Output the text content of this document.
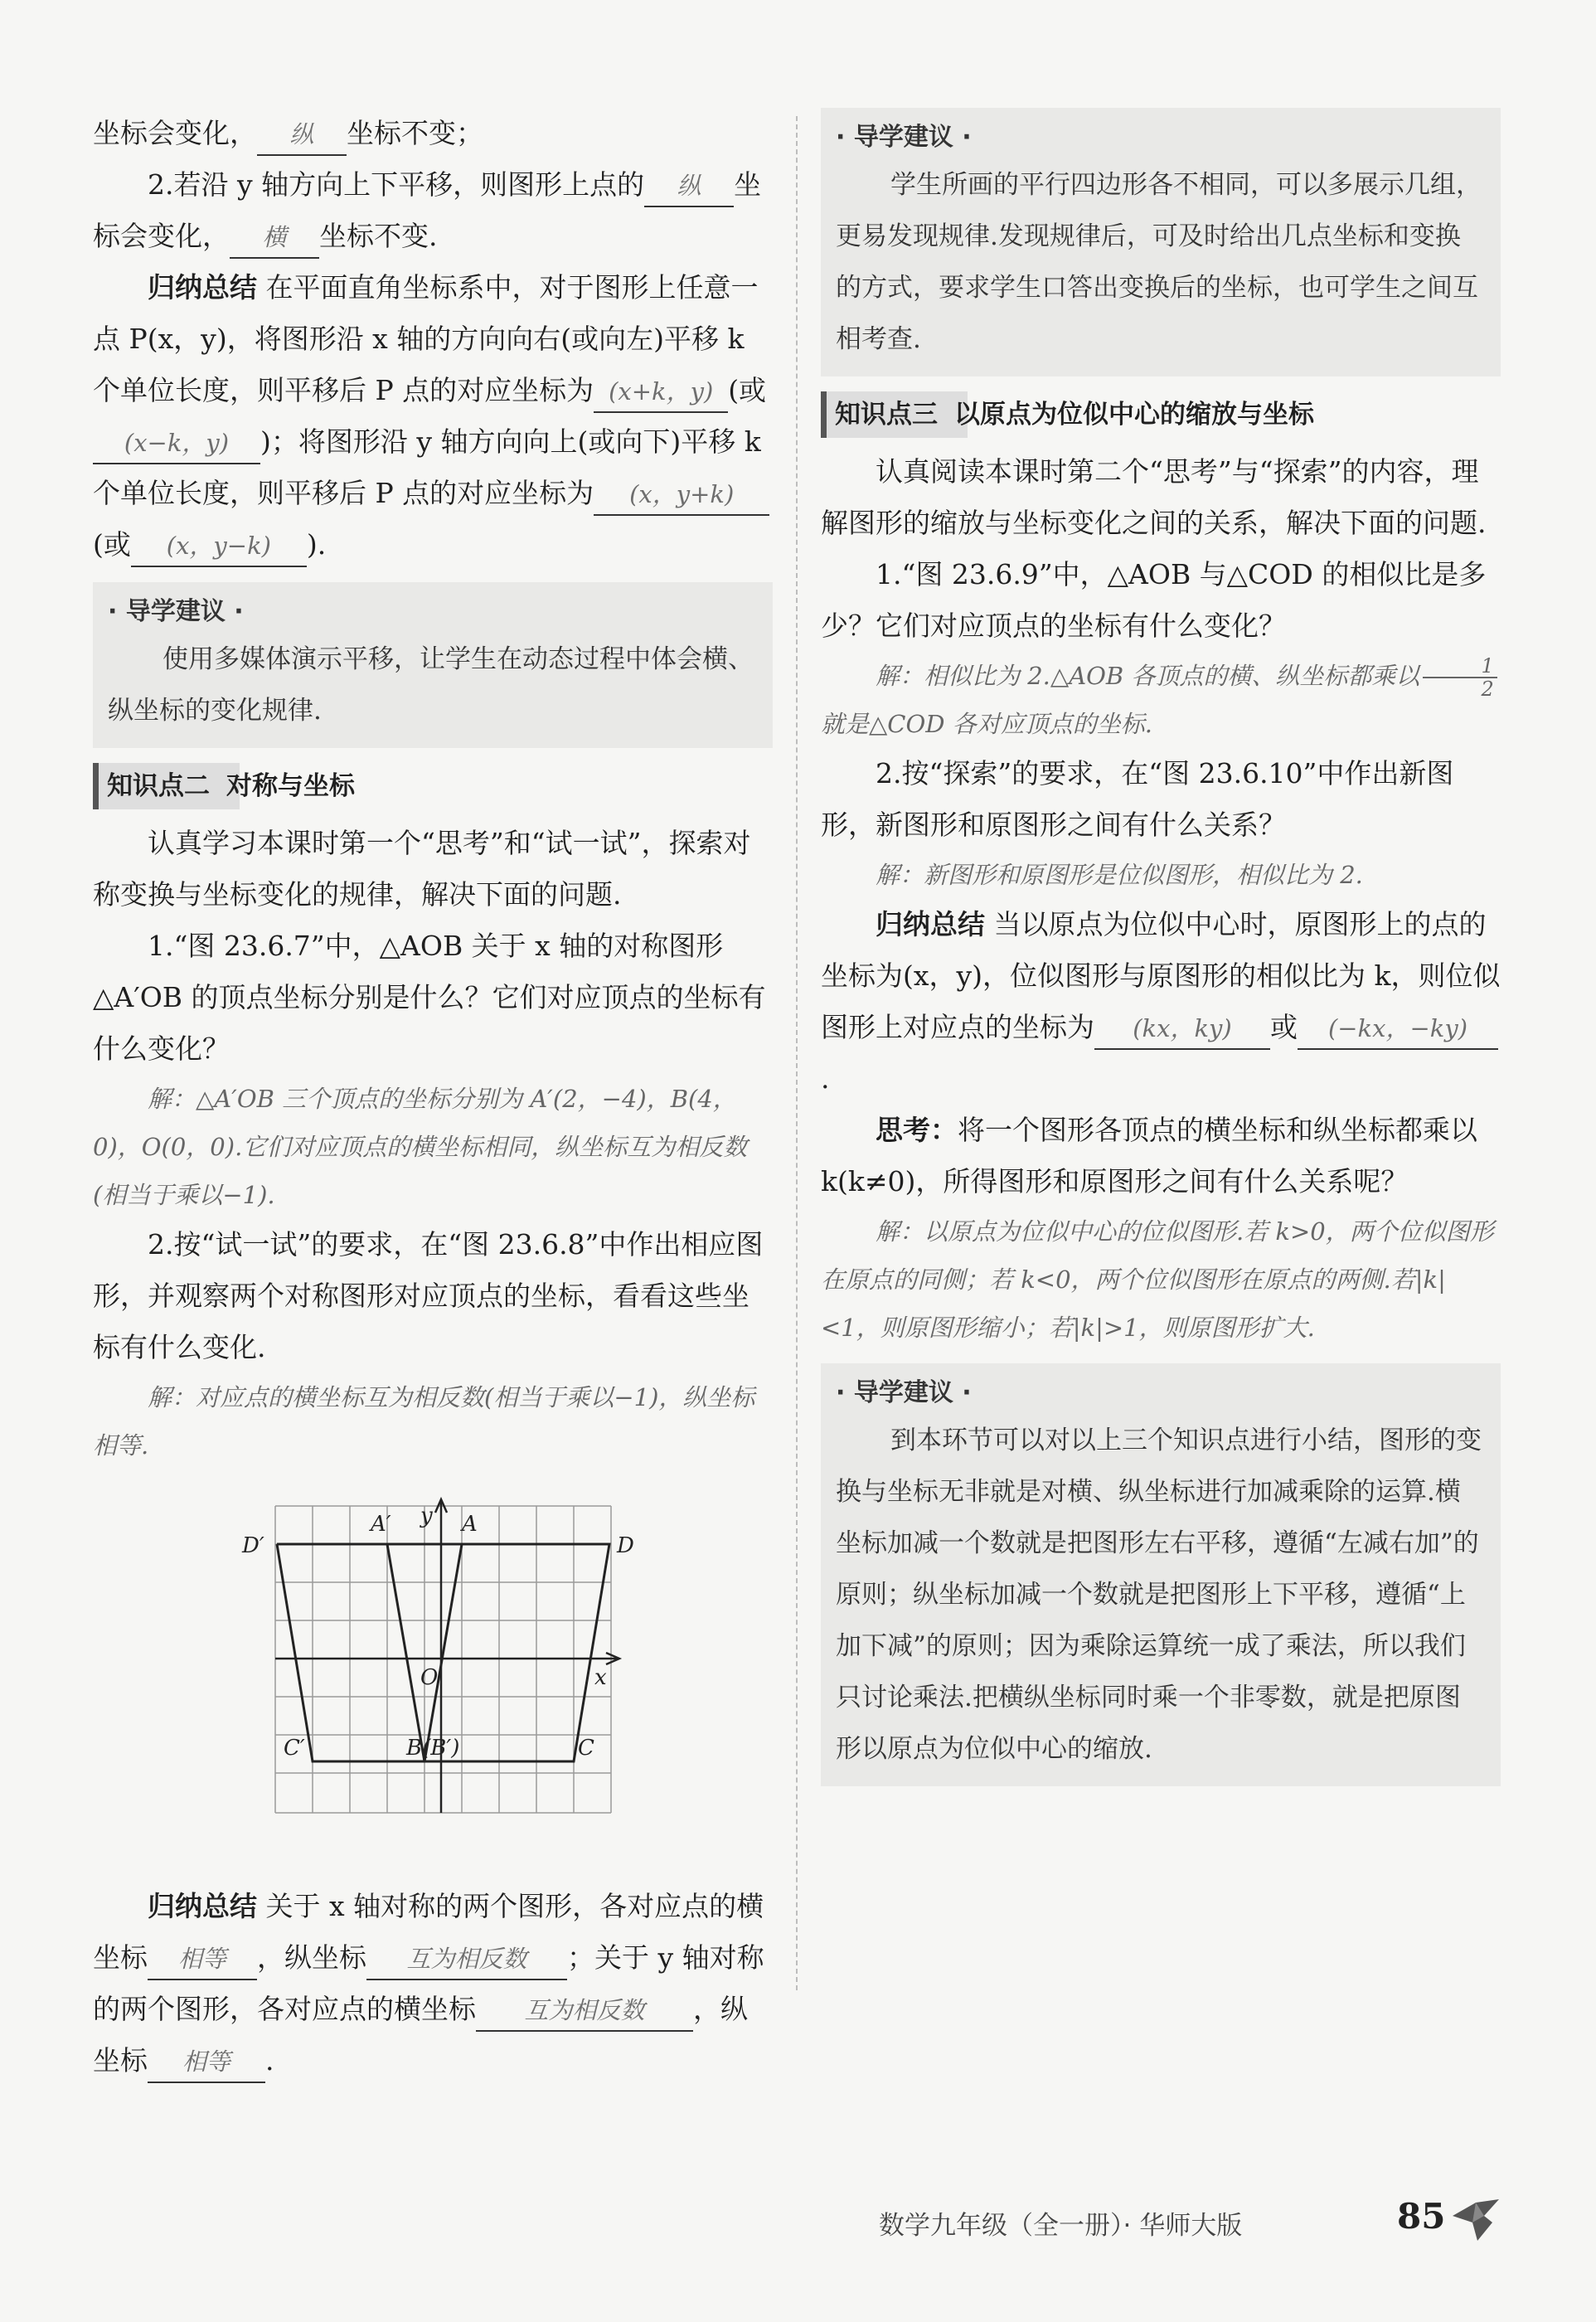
坐标会变化， 纵 坐标不变；

2.若沿 y 轴方向上下平移，则图形上点的 纵 坐标会变化， 横 坐标不变.

归纳总结 在平面直角坐标系中，对于图形上任意一点 P(x，y)，将图形沿 x 轴的方向向右(或向左)平移 k 个单位长度，则平移后 P 点的对应坐标为 (x+k，y) (或(x−k，y) )；将图形沿 y 轴方向向上(或向下)平移 k 个单位长度，则平移后 P 点的对应坐标为 (x，y+k)(或 (x，y−k) ).

· 导学建议 ·
使用多媒体演示平移，让学生在动态过程中体会横、纵坐标的变化规律.
知识点二 对称与坐标

认真学习本课时第一个“思考”和“试一试”，探索对称变换与坐标变化的规律，解决下面的问题.

1.“图 23.6.7”中，△AOB 关于 x 轴的对称图形△A′OB 的顶点坐标分别是什么？它们对应顶点的坐标有什么变化？

解：△A′OB 三个顶点的坐标分别为 A′(2，−4)，B(4，0)，O(0，0).它们对应顶点的横坐标相同，纵坐标互为相反数(相当于乘以−1).

2.按“试一试”的要求，在“图 23.6.8”中作出相应图形，并观察两个对称图形对应顶点的坐标，看看这些坐标有什么变化.

解：对应点的横坐标互为相反数(相当于乘以−1)，纵坐标相等.

D′
A′ y A
D
O	x
C′	B(B′)	C

归纳总结 关于 x 轴对称的两个图形，各对应点的横坐标 相等 ，纵坐标 互为相反数 ；关于 y 轴对称的两个图形，各对应点的横坐标 互为相反数 ，纵坐标 相等 .

· 导学建议 ·
学生所画的平行四边形各不相同，可以多展示几组，更易发现规律.发现规律后，可及时给出几点坐标和变换的方式，要求学生口答出变换后的坐标，也可学生之间互相考查.
知识点三 以原点为位似中心的缩放与坐标

认真阅读本课时第二个“思考”与“探索”的内容，理解图形的缩放与坐标变化之间的关系，解决下面的问题.

1.“图 23.6.9”中，△AOB 与△COD 的相似比是多少？它们对应顶点的坐标有什么变化？

解：相似比为 2.△AOB 各顶点的横、纵坐标都乘以 $\frac{1}{2}$
就是△COD 各对应顶点的坐标.

2.按“探索”的要求，在“图 23.6.10”中作出新图形，新图形和原图形之间有什么关系？

解：新图形和原图形是位似图形，相似比为 2.

归纳总结 当以原点为位似中心时，原图形上的点的坐标为(x，y)，位似图形与原图形的相似比为 k，则位似图形上对应点的坐标为 (kx，ky) 或 (−kx，−ky).

思考：将一个图形各顶点的横坐标和纵坐标都乘以 k(k≠0)，所得图形和原图形之间有什么关系呢？

解：以原点为位似中心的位似图形.若 k>0，两个位似图形在原点的同侧；若 k<0，两个位似图形在原点的两侧.若|k|<1，则原图形缩小；若|k|>1，则原图形扩大.

· 导学建议 ·
到本环节可以对以上三个知识点进行小结，图形的变换与坐标无非就是对横、纵坐标进行加减乘除的运算.横坐标加减一个数就是把图形左右平移，遵循“左减右加”的原则；纵坐标加减一个数就是把图形上下平移，遵循“上加下减”的原则；因为乘除运算统一成了乘法，所以我们只讨论乘法.把横纵坐标同时乘一个非零数，就是把原图形以原点为位似中心的缩放.
数学九年级（全一册）· 华师大版	85
